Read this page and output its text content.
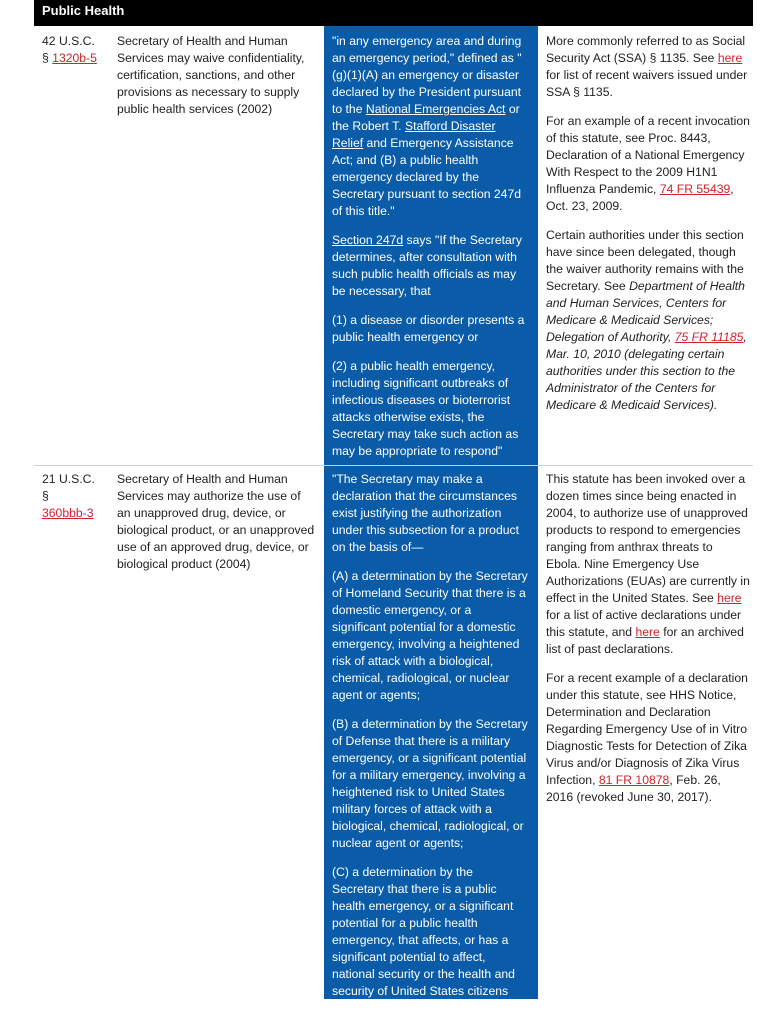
Public Health
42 U.S.C.
§ 1320b-5
Secretary of Health and Human Services may waive confidentiality, certification, sanctions, and other provisions as necessary to supply public health services (2002)

"in any emergency area and during an emergency period," defined as "(g)(1)(A) an emergency or disaster declared by the President pursuant to the National Emergencies Act or the Robert T. Stafford Disaster Relief and Emergency Assistance Act; and (B) a public health emergency declared by the Secretary pursuant to section 247d of this title."

Section 247d says "If the Secretary determines, after consultation with such public health officials as may be necessary, that

(1) a disease or disorder presents a public health emergency or

(2) a public health emergency, including significant outbreaks of infectious diseases or bioterrorist attacks otherwise exists, the Secretary may take such action as may be appropriate to respond"

More commonly referred to as Social Security Act (SSA) § 1135. See here for list of recent waivers issued under SSA § 1135.

For an example of a recent invocation of this statute, see Proc. 8443, Declaration of a National Emergency With Respect to the 2009 H1N1 Influenza Pandemic, 74 FR 55439, Oct. 23, 2009.

Certain authorities under this section have since been delegated, though the waiver authority remains with the Secretary. See Department of Health and Human Services, Centers for Medicare & Medicaid Services; Delegation of Authority, 75 FR 11185, Mar. 10, 2010 (delegating certain authorities under this section to the Administrator of the Centers for Medicare & Medicaid Services).

21 U.S.C.
§
360bbb-3
Secretary of Health and Human Services may authorize the use of an unapproved drug, device, or biological product, or an unapproved use of an approved drug, device, or biological product (2004)

"The Secretary may make a declaration that the circumstances exist justifying the authorization under this subsection for a product on the basis of—

(A) a determination by the Secretary of Homeland Security that there is a domestic emergency, or a significant potential for a domestic emergency, involving a heightened risk of attack with a biological, chemical, radiological, or nuclear agent or agents;

(B) a determination by the Secretary of Defense that there is a military emergency, or a significant potential for a military emergency, involving a heightened risk to United States military forces of attack with a biological, chemical, radiological, or nuclear agent or agents;

(C) a determination by the Secretary that there is a public health emergency, or a significant potential for a public health emergency, that affects, or has a significant potential to affect, national security or the health and security of United States citizens living abroad, and that

This statute has been invoked over a dozen times since being enacted in 2004, to authorize use of unapproved products to respond to emergencies ranging from anthrax threats to Ebola. Nine Emergency Use Authorizations (EUAs) are currently in effect in the United States. See here for a list of active declarations under this statute, and here for an archived list of past declarations.

For a recent example of a declaration under this statute, see HHS Notice, Determination and Declaration Regarding Emergency Use of in Vitro Diagnostic Tests for Detection of Zika Virus and/or Diagnosis of Zika Virus Infection, 81 FR 10878, Feb. 26, 2016 (revoked June 30, 2017).
